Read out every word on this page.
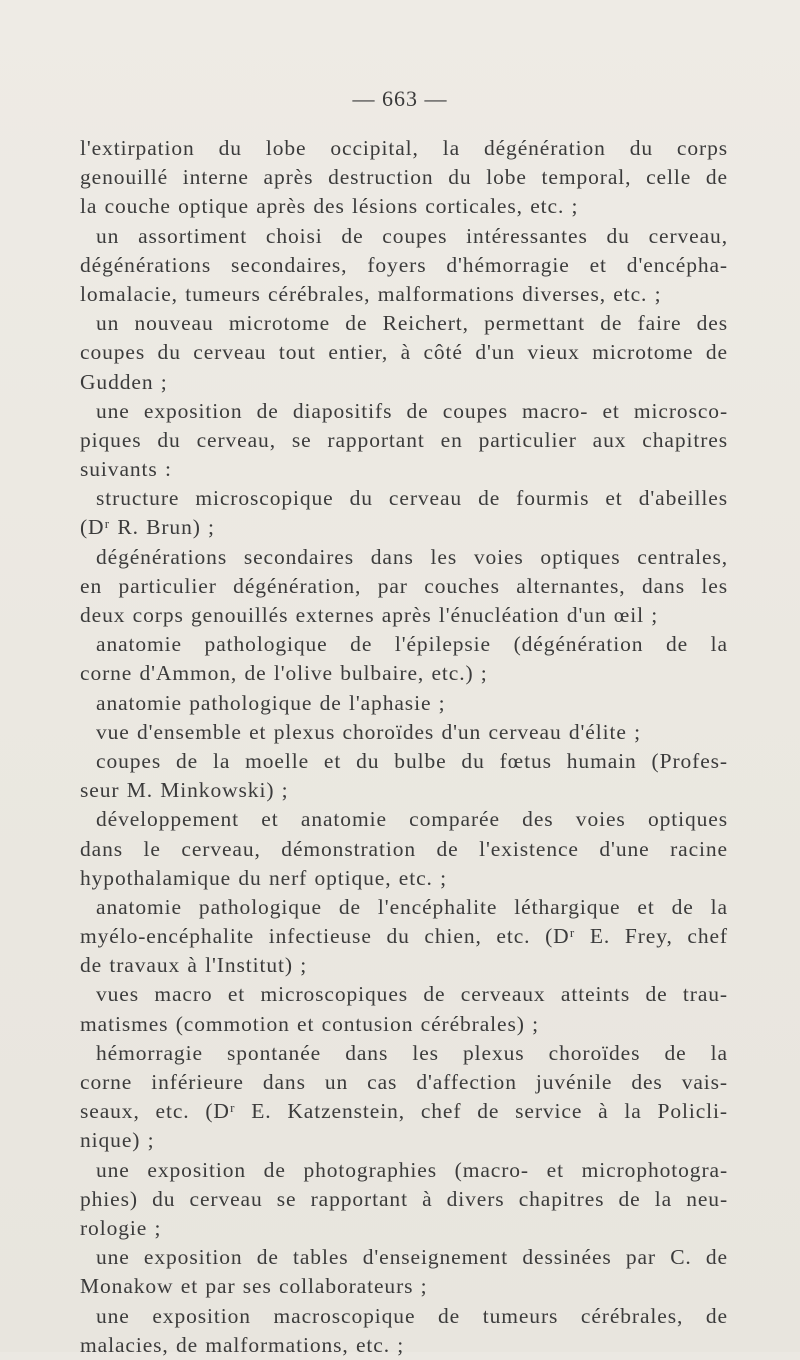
— 663 —
l'extirpation du lobe occipital, la dégénération du corps
genouillé interne après destruction du lobe temporal, celle de
la couche optique après des lésions corticales, etc. ;
un assortiment choisi de coupes intéressantes du cerveau,
dégénérations secondaires, foyers d'hémorragie et d'encépha-
lomalacie, tumeurs cérébrales, malformations diverses, etc. ;
un nouveau microtome de Reichert, permettant de faire des
coupes du cerveau tout entier, à côté d'un vieux microtome de
Gudden ;
une exposition de diapositifs de coupes macro- et microsco-
piques du cerveau, se rapportant en particulier aux chapitres
suivants :
structure microscopique du cerveau de fourmis et d'abeilles
(Dʳ R. Brun) ;
dégénérations secondaires dans les voies optiques centrales,
en particulier dégénération, par couches alternantes, dans les
deux corps genouillés externes après l'énucléation d'un œil ;
anatomie pathologique de l'épilepsie (dégénération de la
corne d'Ammon, de l'olive bulbaire, etc.) ;
anatomie pathologique de l'aphasie ;
vue d'ensemble et plexus choroïdes d'un cerveau d'élite ;
coupes de la moelle et du bulbe du fœtus humain (Profes-
seur M. Minkowski) ;
développement et anatomie comparée des voies optiques
dans le cerveau, démonstration de l'existence d'une racine
hypothalamique du nerf optique, etc. ;
anatomie pathologique de l'encéphalite léthargique et de la
myélo-encéphalite infectieuse du chien, etc. (Dʳ E. Frey, chef
de travaux à l'Institut) ;
vues macro et microscopiques de cerveaux atteints de trau-
matismes (commotion et contusion cérébrales) ;
hémorragie spontanée dans les plexus choroïdes de la
corne inférieure dans un cas d'affection juvénile des vais-
seaux, etc. (Dʳ E. Katzenstein, chef de service à la Policli-
nique) ;
une exposition de photographies (macro- et microphotogra-
phies) du cerveau se rapportant à divers chapitres de la neu-
rologie ;
une exposition de tables d'enseignement dessinées par C. de
Monakow et par ses collaborateurs ;
une exposition macroscopique de tumeurs cérébrales, de
malacies, de malformations, etc. ;
